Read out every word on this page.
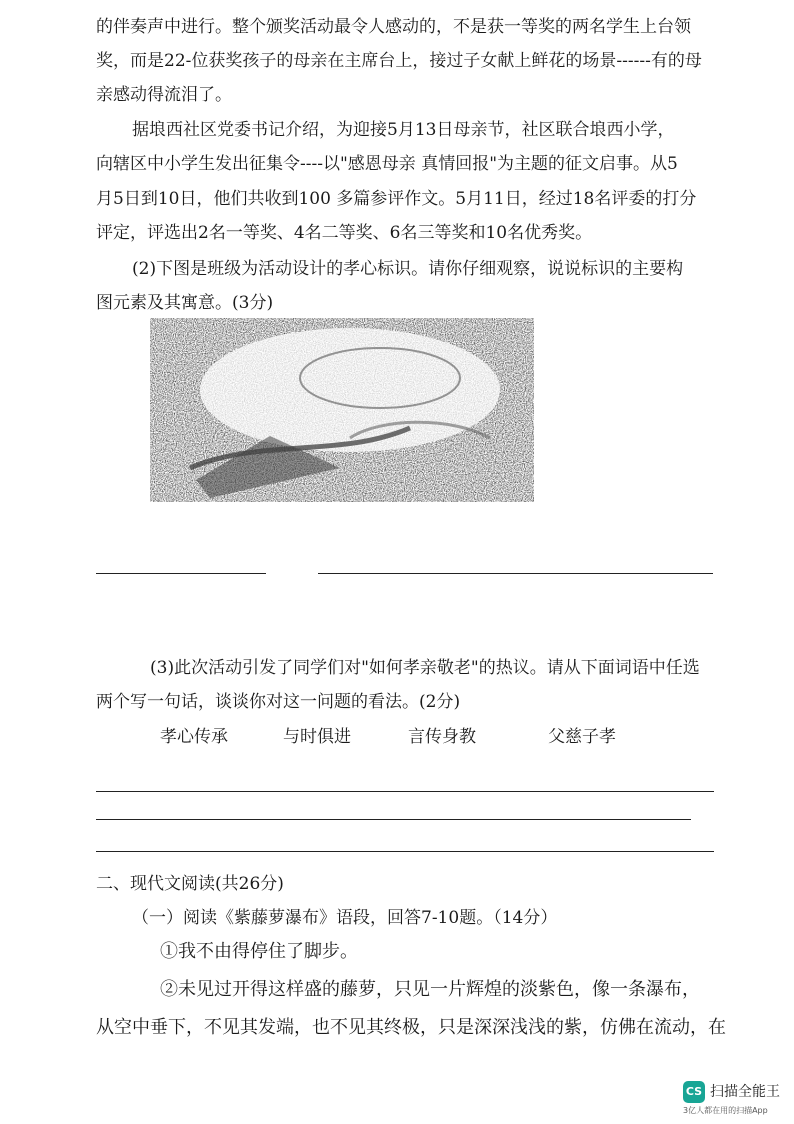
的伴奏声中进行。整个颁奖活动最令人感动的，不是获一等奖的两名学生上台领
奖，而是22-位获奖孩子的母亲在主席台上，接过子女献上鲜花的场景------有的母
亲感动得流泪了。
据埌西社区党委书记介绍，为迎接5月13日母亲节，社区联合埌西小学，
向辖区中小学生发出征集令----以"感恩母亲 真情回报"为主题的征文启事。从5
月5日到10日，他们共收到100 多篇参评作文。5月11日，经过18名评委的打分
评定，评选出2名一等奖、4名二等奖、6名三等奖和10名优秀奖。
(2)下图是班级为活动设计的孝心标识。请你仔细观察，说说标识的主要构
图元素及其寓意。(3分)
(3)此次活动引发了同学们对"如何孝亲敬老"的热议。请从下面词语中任选
两个写一句话，谈谈你对这一问题的看法。(2分)
孝心传承	与时俱进	言传身教	父慈子孝
二、现代文阅读(共26分)
（一）阅读《紫藤萝瀑布》语段，回答7-10题。（14分）
①我不由得停住了脚步。
②未见过开得这样盛的藤萝，只见一片辉煌的淡紫色，像一条瀑布，
从空中垂下，不见其发端，也不见其终极，只是深深浅浅的紫，仿佛在流动，在
CS 扫描全能王
3亿人都在用的扫描App
